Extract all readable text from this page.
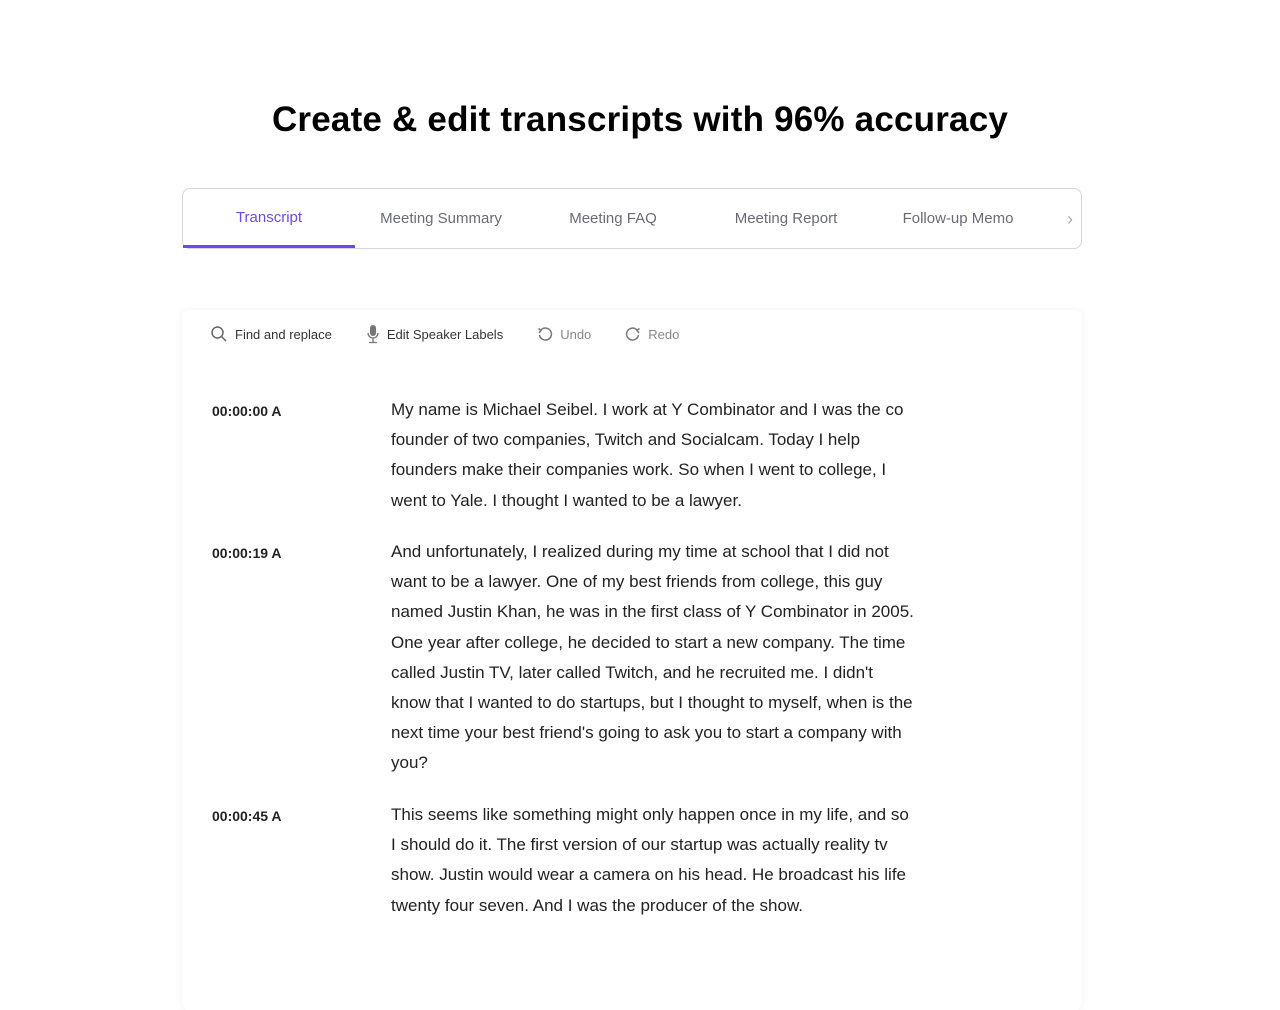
Create & edit transcripts with 96% accuracy
Transcript	Meeting Summary	Meeting FAQ	Meeting Report	Follow-up Memo	›
Find and replace	Edit Speaker Labels	Undo	Redo
00:00:00 A	My name is Michael Seibel. I work at Y Combinator and I was the co founder of two companies, Twitch and Socialcam. Today I help founders make their companies work. So when I went to college, I went to Yale. I thought I wanted to be a lawyer.
00:00:19 A	And unfortunately, I realized during my time at school that I did not want to be a lawyer. One of my best friends from college, this guy named Justin Khan, he was in the first class of Y Combinator in 2005. One year after college, he decided to start a new company. The time called Justin TV, later called Twitch, and he recruited me. I didn't know that I wanted to do startups, but I thought to myself, when is the next time your best friend's going to ask you to start a company with you?
00:00:45 A	This seems like something might only happen once in my life, and so I should do it. The first version of our startup was actually reality tv show. Justin would wear a camera on his head. He broadcast his life twenty four seven. And I was the producer of the show.
